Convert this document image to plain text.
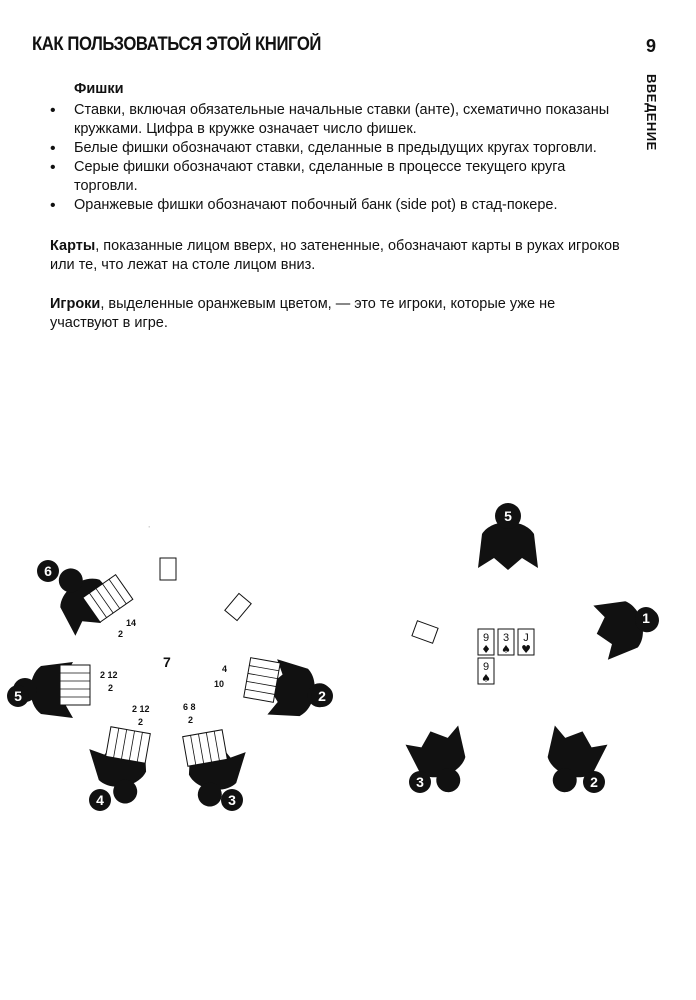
КАК ПОЛЬЗОВАТЬСЯ ЭТОЙ КНИГОЙ	9
ВВЕДЕНИЕ
Фишки
• Ставки, включая обязательные начальные ставки (анте), схематично показаны кружками. Цифра в кружке означает число фишек.
• Белые фишки обозначают ставки, сделанные в предыдущих кругах торговли.
• Серые фишки обозначают ставки, сделанные в процессе текущего круга торговли.
• Оранжевые фишки обозначают побочный банк (side pot) в стад-покере.

Карты, показанные лицом вверх, но затененные, обозначают карты в руках игроков или те, что лежат на столе лицом вниз.

Игроки, выделенные оранжевым цветом, — это те игроки, которые уже не участвуют в игре.

·
6
5
4	3
2
14
2
2 12
2
2 12
2
6 8
2
4
10
7
5
1
3	2
9
♦
3
♠
J
♥
9
♠
